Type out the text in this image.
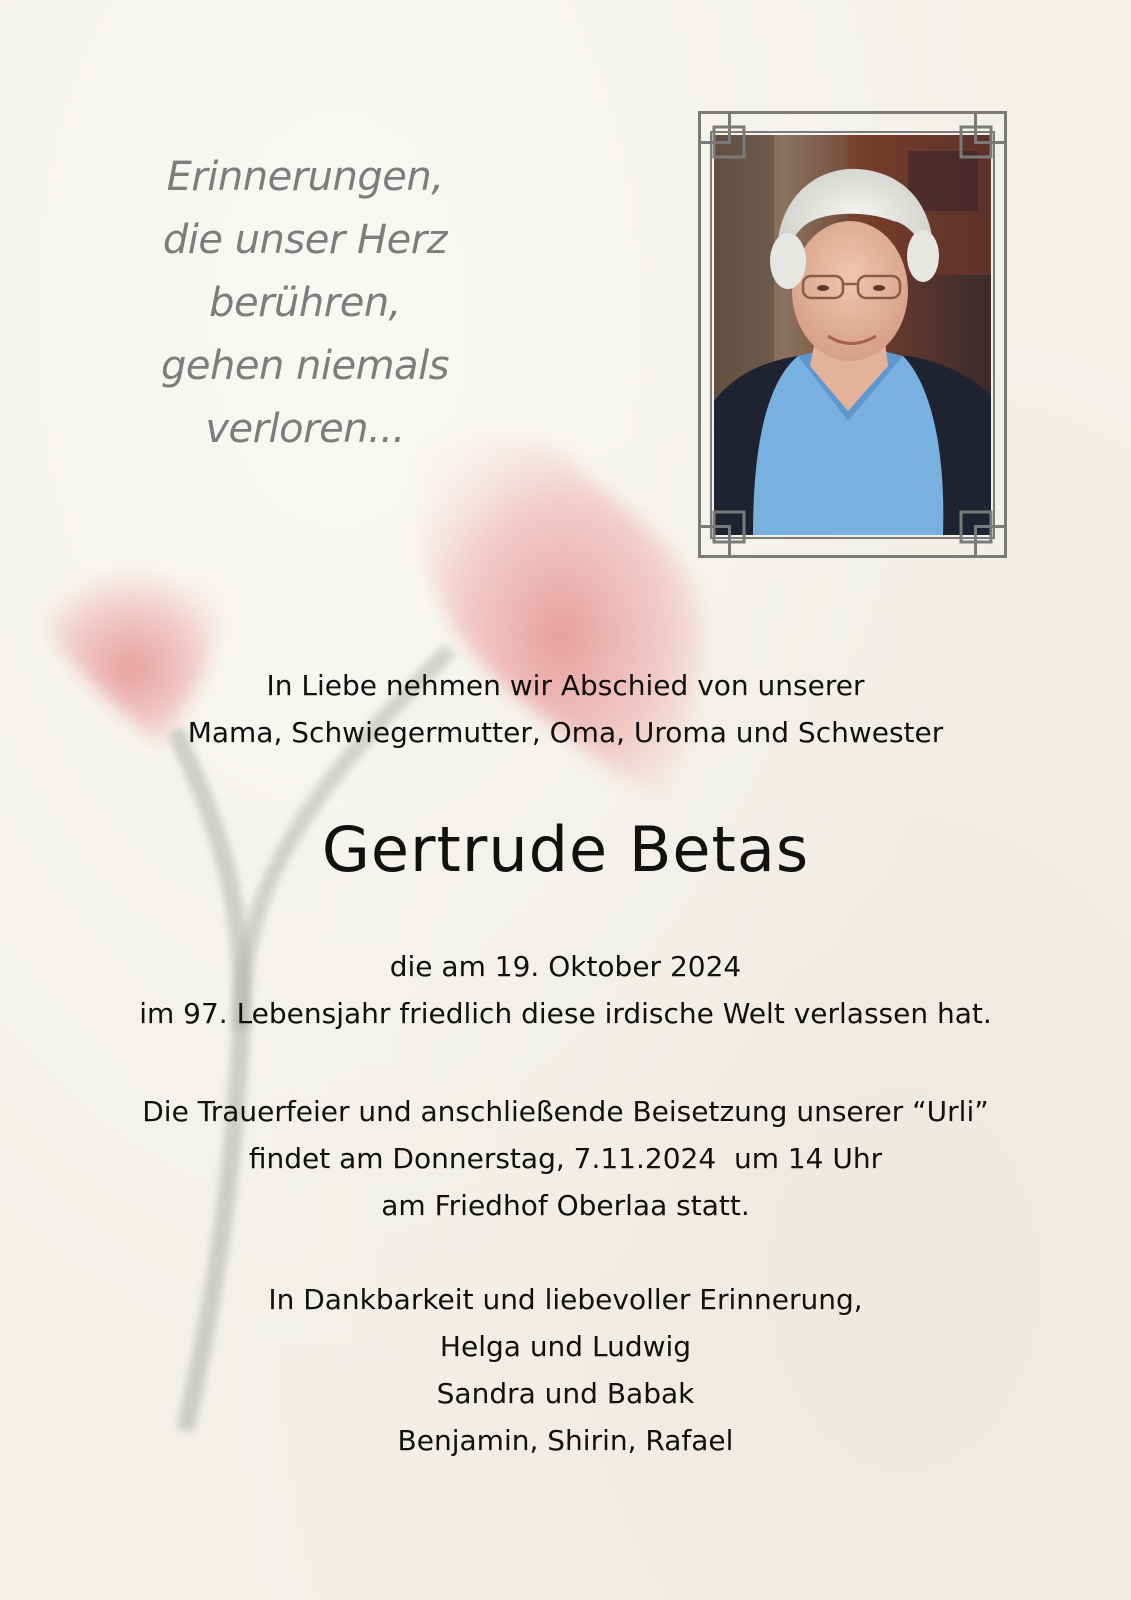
Erinnerungen,
die unser Herz
berühren,
gehen niemals
verloren...
In Liebe nehmen wir Abschied von unserer
Mama, Schwiegermutter, Oma, Uroma und Schwester
Gertrude Betas
die am 19. Oktober 2024
im 97. Lebensjahr friedlich diese irdische Welt verlassen hat.
Die Trauerfeier und anschließende Beisetzung unserer “Urli”
findet am Donnerstag, 7.11.2024  um 14 Uhr
am Friedhof Oberlaa statt.
In Dankbarkeit und liebevoller Erinnerung,
Helga und Ludwig
Sandra und Babak
Benjamin, Shirin, Rafael
